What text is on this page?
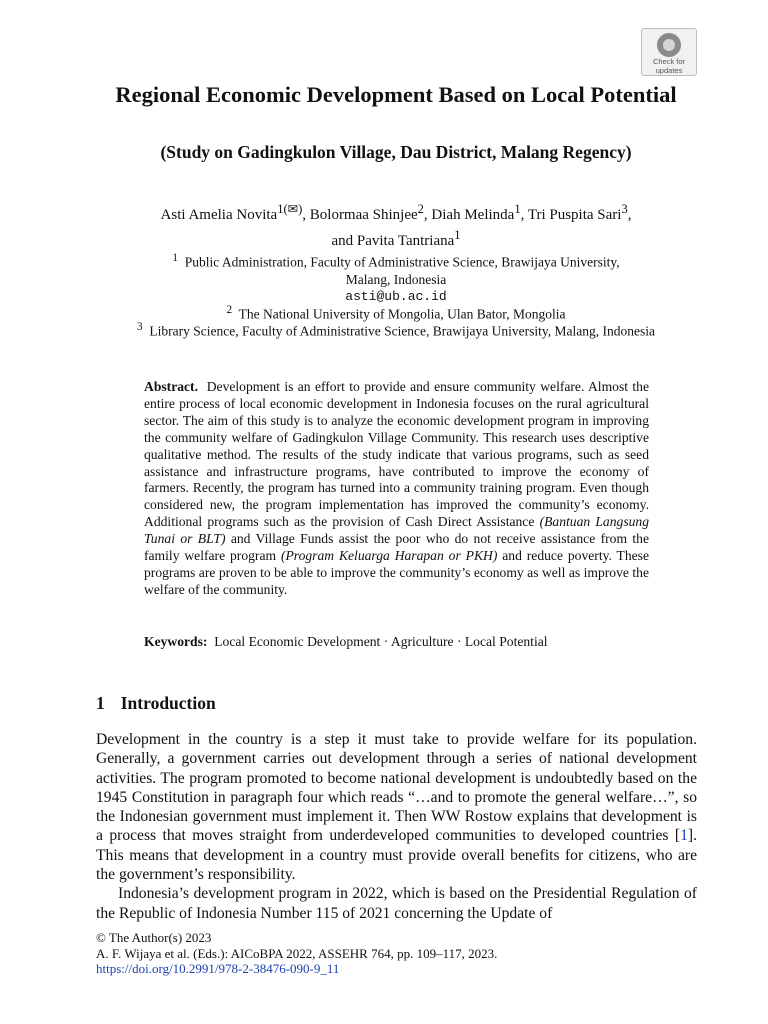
Check for
updates
Regional Economic Development Based on Local Potential
(Study on Gadingkulon Village, Dau District, Malang Regency)
Asti Amelia Novita$^{1(✉)}$, Bolormaa Shinjee$^2$, Diah Melinda$^1$, Tri Puspita Sari$^3$,
and Pavita Tantriana$^1$
$^1$ Public Administration, Faculty of Administrative Science, Brawijaya University,
Malang, Indonesia
asti@ub.ac.id
$^2$ The National University of Mongolia, Ulan Bator, Mongolia
$^3$ Library Science, Faculty of Administrative Science, Brawijaya University, Malang, Indonesia

Abstract. Development is an effort to provide and ensure community welfare. Almost the entire process of local economic development in Indonesia focuses on the rural agricultural sector. The aim of this study is to analyze the economic development program in improving the community welfare of Gadingkulon Village Community. This research uses descriptive qualitative method. The results of the study indicate that various programs, such as seed assistance and infrastructure programs, have contributed to improve the economy of farmers. Recently, the program has turned into a community training program. Even though considered new, the program implementation has improved the community’s economy. Additional programs such as the provision of Cash Direct Assistance (Bantuan Langsung Tunai or BLT) and Village Funds assist the poor who do not receive assistance from the family welfare program (Program Keluarga Harapan or PKH) and reduce poverty. These programs are proven to be able to improve the community’s economy as well as improve the welfare of the community.

Keywords: Local Economic Development · Agriculture · Local Potential

1 Introduction

Development in the country is a step it must take to provide welfare for its population. Generally, a government carries out development through a series of national development activities. The program promoted to become national development is undoubtedly based on the 1945 Constitution in paragraph four which reads “…and to promote the general welfare…”, so the Indonesian government must implement it. Then WW Rostow explains that development is a process that moves straight from underdeveloped communities to developed countries [1]. This means that development in a country must provide overall benefits for citizens, who are the government’s responsibility.

Indonesia’s development program in 2022, which is based on the Presidential Regulation of the Republic of Indonesia Number 115 of 2021 concerning the Update of

© The Author(s) 2023
A. F. Wijaya et al. (Eds.): AICoBPA 2022, ASSEHR 764, pp. 109–117, 2023.
https://doi.org/10.2991/978-2-38476-090-9_11
